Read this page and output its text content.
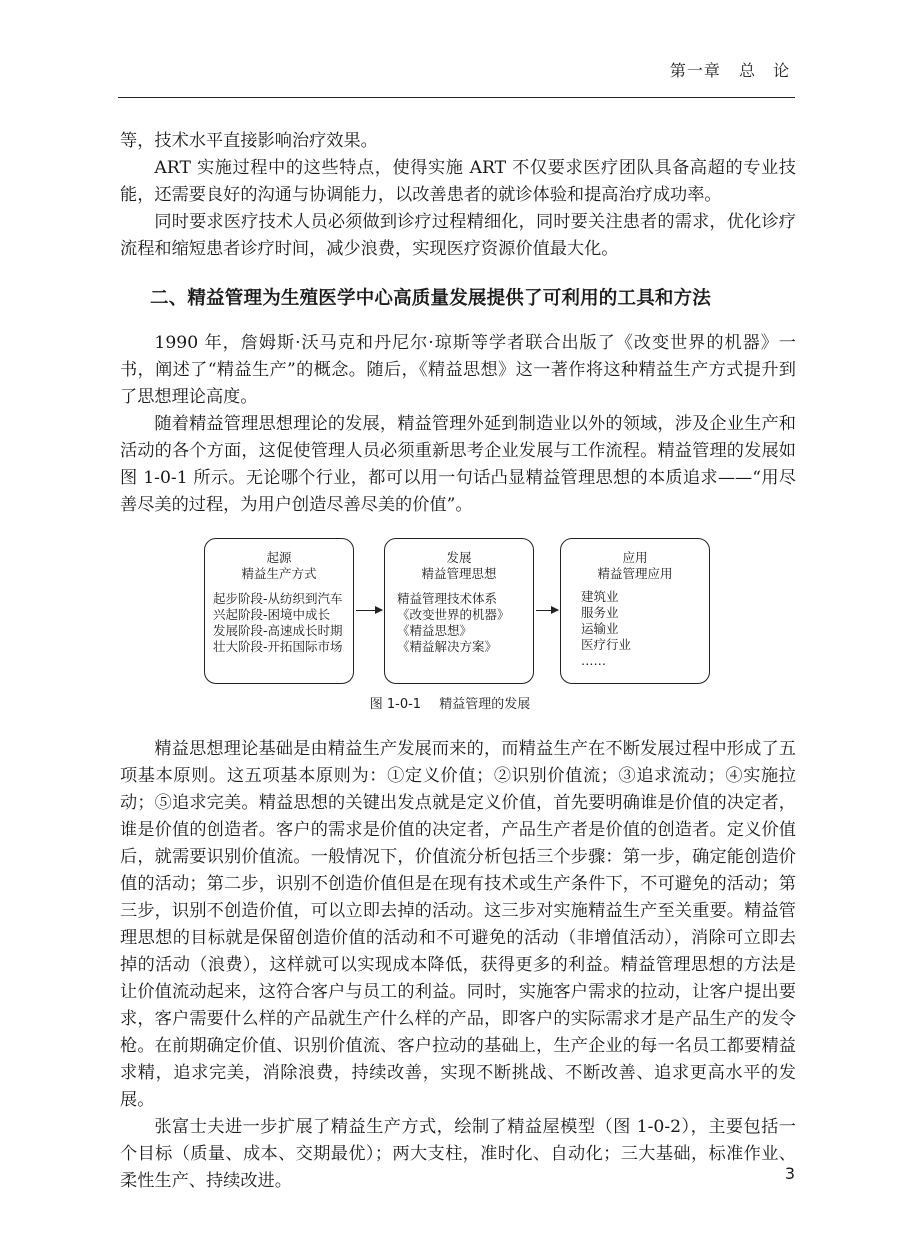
第一章 总　论

等，技术水平直接影响治疗效果。

ART 实施过程中的这些特点，使得实施 ART 不仅要求医疗团队具备高超的专业技能，还需要良好的沟通与协调能力，以改善患者的就诊体验和提高治疗成功率。

同时要求医疗技术人员必须做到诊疗过程精细化，同时要关注患者的需求，优化诊疗流程和缩短患者诊疗时间，减少浪费，实现医疗资源价值最大化。

二、精益管理为生殖医学中心高质量发展提供了可利用的工具和方法

1990 年，詹姆斯·沃马克和丹尼尔·琼斯等学者联合出版了《改变世界的机器》一书，阐述了“精益生产”的概念。随后，《精益思想》这一著作将这种精益生产方式提升到了思想理论高度。

随着精益管理思想理论的发展，精益管理外延到制造业以外的领域，涉及企业生产和活动的各个方面，这促使管理人员必须重新思考企业发展与工作流程。精益管理的发展如图 1-0-1 所示。无论哪个行业，都可以用一句话凸显精益管理思想的本质追求——“用尽善尽美的过程，为用户创造尽善尽美的价值”。

起源
精益生产方式
起步阶段-从纺织到汽车
兴起阶段-困境中成长
发展阶段-高速成长时期
壮大阶段-开拓国际市场
发展
精益管理思想
精益管理技术体系
《改变世界的机器》
《精益思想》
《精益解决方案》
应用
精益管理应用
建筑业
服务业
运输业
医疗行业
……
图 1-0-1 精益管理的发展

精益思想理论基础是由精益生产发展而来的，而精益生产在不断发展过程中形成了五项基本原则。这五项基本原则为：①定义价值；②识别价值流；③追求流动；④实施拉动；⑤追求完美。精益思想的关键出发点就是定义价值，首先要明确谁是价值的决定者，谁是价值的创造者。客户的需求是价值的决定者，产品生产者是价值的创造者。定义价值后，就需要识别价值流。一般情况下，价值流分析包括三个步骤：第一步，确定能创造价值的活动；第二步，识别不创造价值但是在现有技术或生产条件下，不可避免的活动；第三步，识别不创造价值，可以立即去掉的活动。这三步对实施精益生产至关重要。精益管理思想的目标就是保留创造价值的活动和不可避免的活动（非增值活动），消除可立即去掉的活动（浪费），这样就可以实现成本降低，获得更多的利益。精益管理思想的方法是让价值流动起来，这符合客户与员工的利益。同时，实施客户需求的拉动，让客户提出要求，客户需要什么样的产品就生产什么样的产品，即客户的实际需求才是产品生产的发令枪。在前期确定价值、识别价值流、客户拉动的基础上，生产企业的每一名员工都要精益求精，追求完美，消除浪费，持续改善，实现不断挑战、不断改善、追求更高水平的发展。

张富士夫进一步扩展了精益生产方式，绘制了精益屋模型（图 1-0-2），主要包括一个目标（质量、成本、交期最优）；两大支柱，准时化、自动化；三大基础，标准作业、柔性生产、持续改进。	3
